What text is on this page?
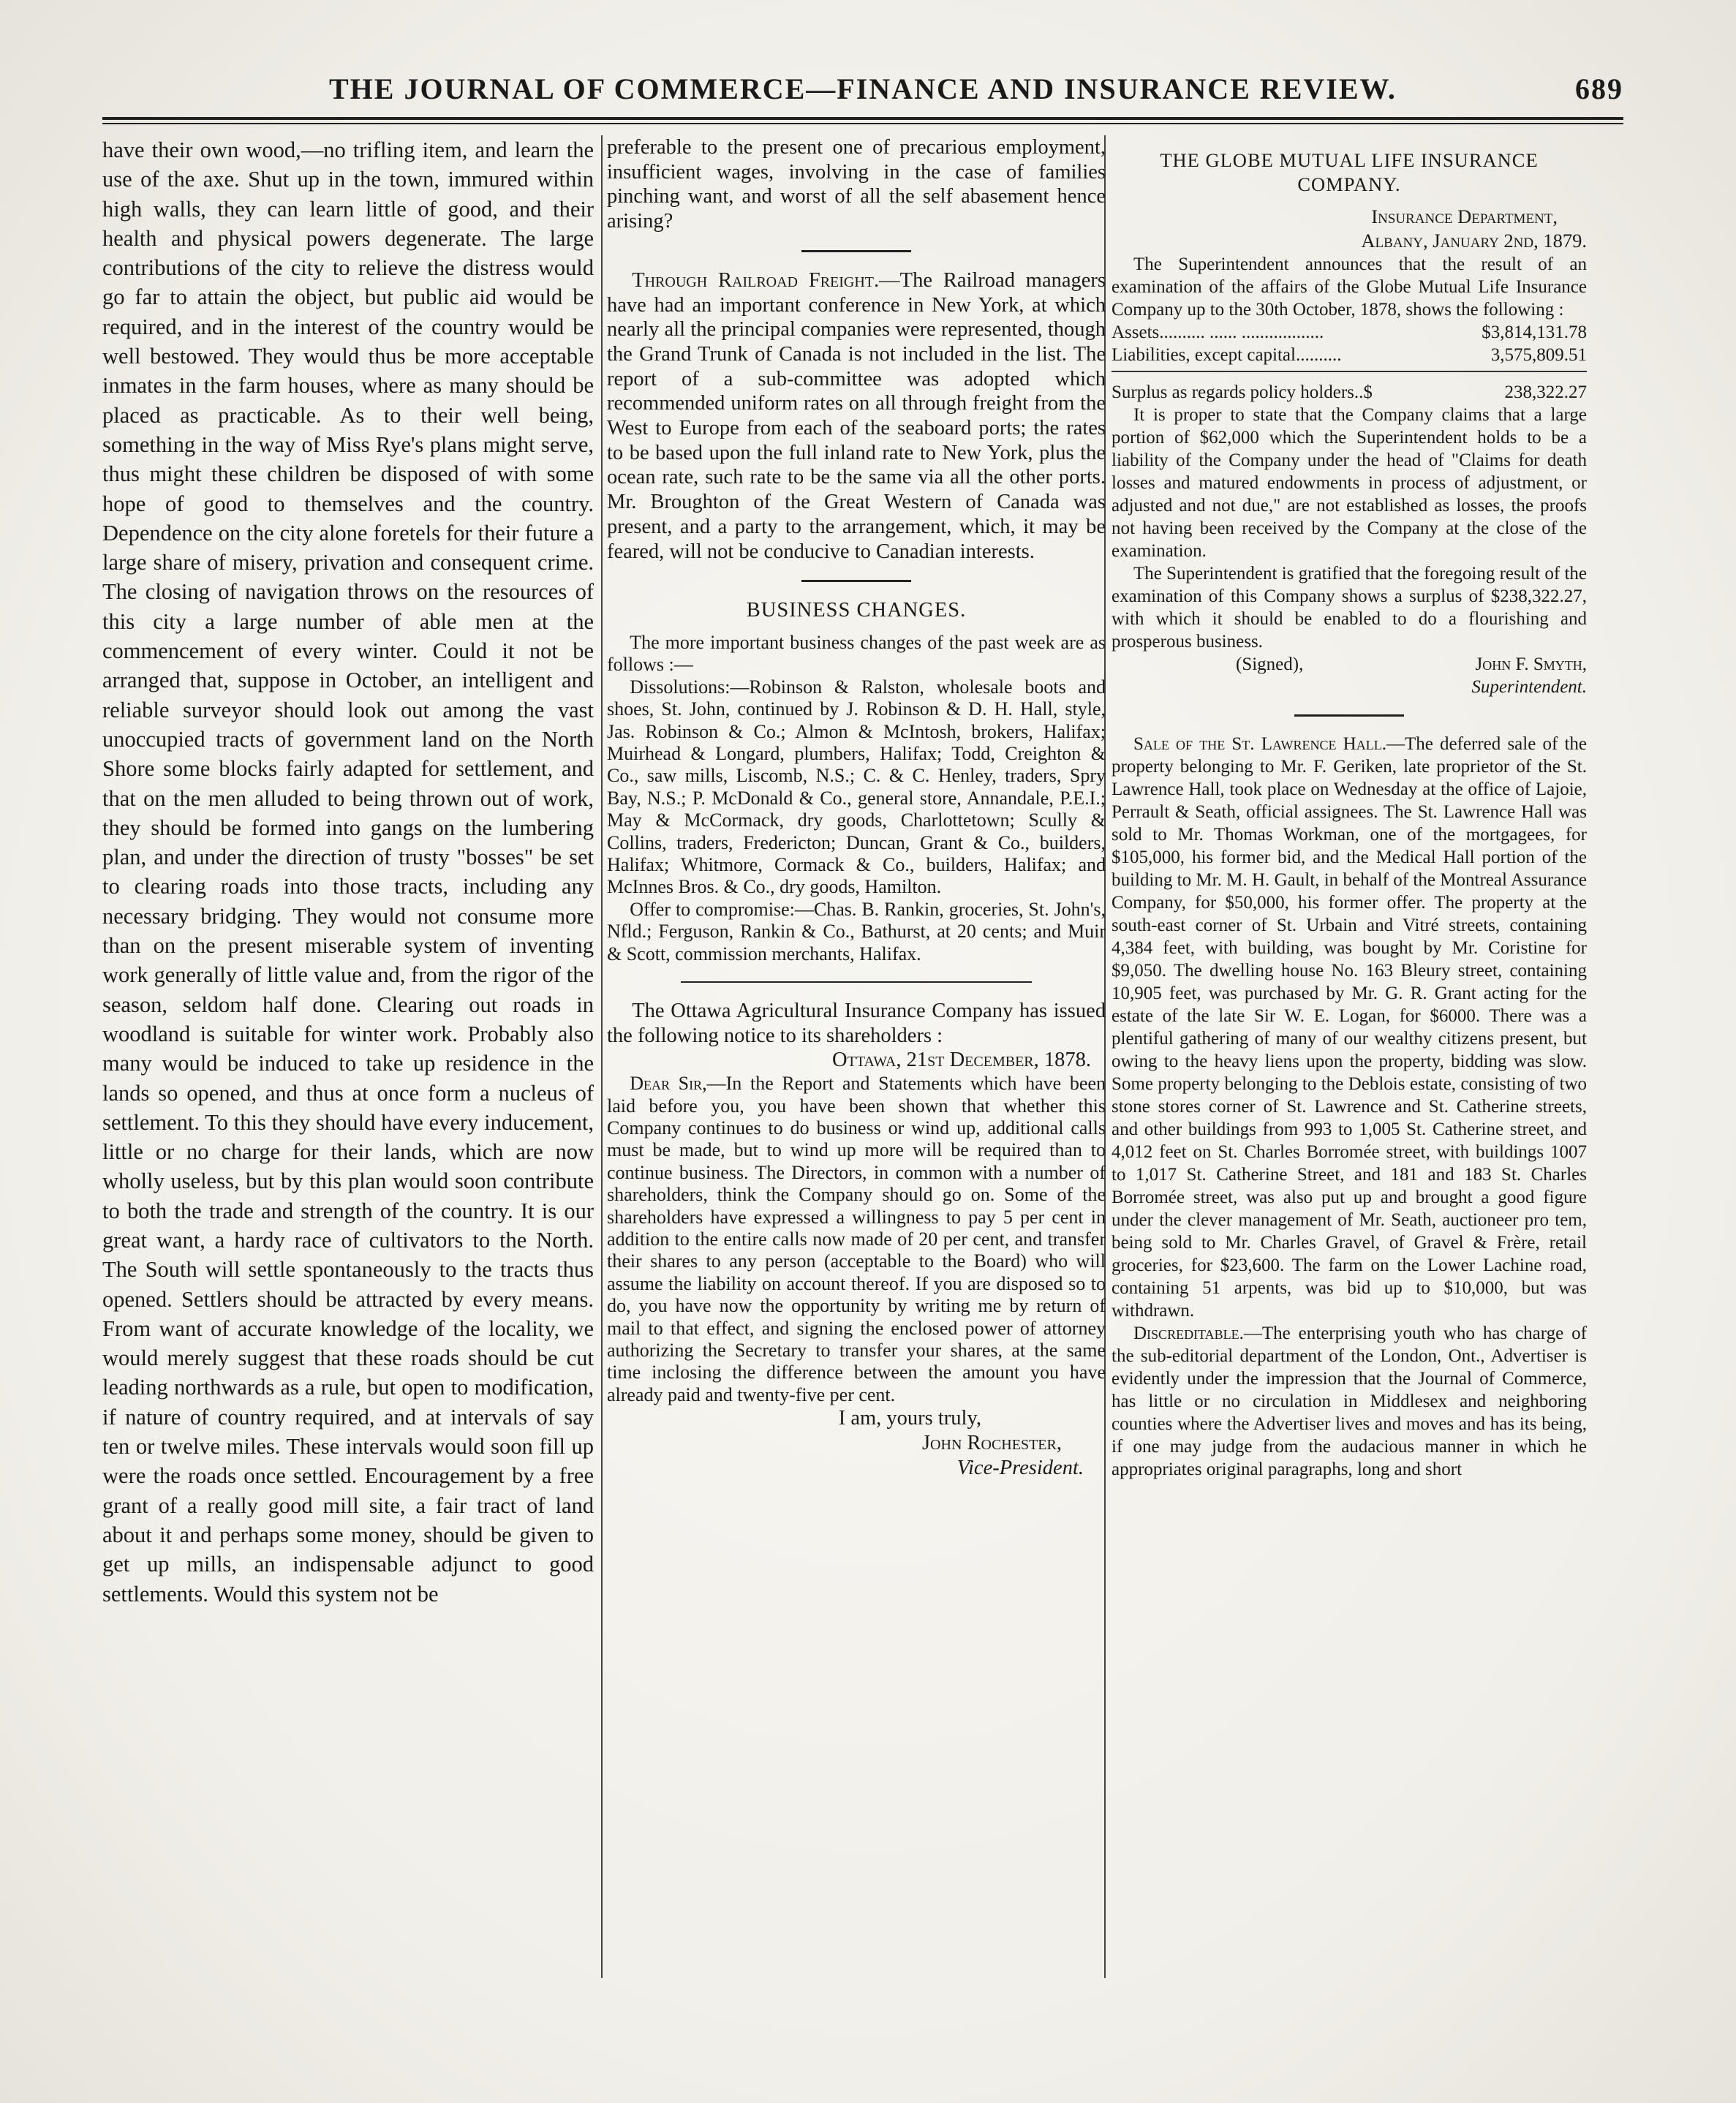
THE JOURNAL OF COMMERCE—FINANCE AND INSURANCE REVIEW.	689

have their own wood,—no trifling item, and learn the use of the axe. Shut up in the town, immured within high walls, they can learn little of good, and their health and physical powers degenerate. The large contributions of the city to relieve the distress would go far to attain the object, but public aid would be required, and in the interest of the country would be well bestowed. They would thus be more acceptable inmates in the farm houses, where as many should be placed as practicable. As to their well being, something in the way of Miss Rye's plans might serve, thus might these children be disposed of with some hope of good to themselves and the country. Dependence on the city alone foretels for their future a large share of misery, privation and consequent crime. The closing of navigation throws on the resources of this city a large number of able men at the commencement of every winter. Could it not be arranged that, suppose in October, an intelligent and reliable surveyor should look out among the vast unoccupied tracts of government land on the North Shore some blocks fairly adapted for settlement, and that on the men alluded to being thrown out of work, they should be formed into gangs on the lumbering plan, and under the direction of trusty "bosses" be set to clearing roads into those tracts, including any necessary bridging. They would not consume more than on the present miserable system of inventing work generally of little value and, from the rigor of the season, seldom half done. Clearing out roads in woodland is suitable for winter work. Probably also many would be induced to take up residence in the lands so opened, and thus at once form a nucleus of settlement. To this they should have every inducement, little or no charge for their lands, which are now wholly useless, but by this plan would soon contribute to both the trade and strength of the country. It is our great want, a hardy race of cultivators to the North. The South will settle spontaneously to the tracts thus opened. Settlers should be attracted by every means. From want of accurate knowledge of the locality, we would merely suggest that these roads should be cut leading northwards as a rule, but open to modification, if nature of country required, and at intervals of say ten or twelve miles. These intervals would soon fill up were the roads once settled. Encouragement by a free grant of a really good mill site, a fair tract of land about it and perhaps some money, should be given to get up mills, an indispensable adjunct to good settlements. Would this system not be

preferable to the present one of precarious employment, insufficient wages, involving in the case of families pinching want, and worst of all the self abasement hence arising?

Through Railroad Freight.—The Railroad managers have had an important conference in New York, at which nearly all the principal companies were represented, though the Grand Trunk of Canada is not included in the list. The report of a sub-committee was adopted which recommended uniform rates on all through freight from the West to Europe from each of the seaboard ports; the rates to be based upon the full inland rate to New York, plus the ocean rate, such rate to be the same via all the other ports. Mr. Broughton of the Great Western of Canada was present, and a party to the arrangement, which, it may be feared, will not be conducive to Canadian interests.

BUSINESS CHANGES.

The more important business changes of the past week are as follows :—

Dissolutions:—Robinson & Ralston, wholesale boots and shoes, St. John, continued by J. Robinson & D. H. Hall, style, Jas. Robinson & Co.; Almon & McIntosh, brokers, Halifax; Muirhead & Longard, plumbers, Halifax; Todd, Creighton & Co., saw mills, Liscomb, N.S.; C. & C. Henley, traders, Spry Bay, N.S.; P. McDonald & Co., general store, Annandale, P.E.I.; May & McCormack, dry goods, Charlottetown; Scully & Collins, traders, Fredericton; Duncan, Grant & Co., builders, Halifax; Whitmore, Cormack & Co., builders, Halifax; and McInnes Bros. & Co., dry goods, Hamilton.

Offer to compromise:—Chas. B. Rankin, groceries, St. John's, Nfld.; Ferguson, Rankin & Co., Bathurst, at 20 cents; and Muir & Scott, commission merchants, Halifax.

The Ottawa Agricultural Insurance Company has issued the following notice to its shareholders :

Ottawa, 21st December, 1878.

Dear Sir,—In the Report and Statements which have been laid before you, you have been shown that whether this Company continues to do business or wind up, additional calls must be made, but to wind up more will be required than to continue business. The Directors, in common with a number of shareholders, think the Company should go on. Some of the shareholders have expressed a willingness to pay 5 per cent in addition to the entire calls now made of 20 per cent, and transfer their shares to any person (acceptable to the Board) who will assume the liability on account thereof. If you are disposed so to do, you have now the opportunity by writing me by return of mail to that effect, and signing the enclosed power of attorney authorizing the Secretary to transfer your shares, at the same time inclosing the difference between the amount you have already paid and twenty-five per cent.

I am, yours truly,

John Rochester,

Vice-President.

THE GLOBE MUTUAL LIFE INSURANCE

COMPANY.

Insurance Department,

Albany, January 2nd, 1879.

The Superintendent announces that the result of an examination of the affairs of the Globe Mutual Life Insurance Company up to the 30th October, 1878, shows the following :

Assets.......... ...... ..................	$3,814,131.78
Liabilities, except capital..........	3,575,809.51
Surplus as regards policy holders..$	238,322.27

It is proper to state that the Company claims that a large portion of $62,000 which the Superintendent holds to be a liability of the Company under the head of "Claims for death losses and matured endowments in process of adjustment, or adjusted and not due," are not established as losses, the proofs not having been received by the Company at the close of the examination.

The Superintendent is gratified that the foregoing result of the examination of this Company shows a surplus of $238,322.27, with which it should be enabled to do a flourishing and prosperous business.

(Signed),	John F. Smyth,

Superintendent.

Sale of the St. Lawrence Hall.—The deferred sale of the property belonging to Mr. F. Geriken, late proprietor of the St. Lawrence Hall, took place on Wednesday at the office of Lajoie, Perrault & Seath, official assignees. The St. Lawrence Hall was sold to Mr. Thomas Workman, one of the mortgagees, for $105,000, his former bid, and the Medical Hall portion of the building to Mr. M. H. Gault, in behalf of the Montreal Assurance Company, for $50,000, his former offer. The property at the south-east corner of St. Urbain and Vitré streets, containing 4,384 feet, with building, was bought by Mr. Coristine for $9,050. The dwelling house No. 163 Bleury street, containing 10,905 feet, was purchased by Mr. G. R. Grant acting for the estate of the late Sir W. E. Logan, for $6000. There was a plentiful gathering of many of our wealthy citizens present, but owing to the heavy liens upon the property, bidding was slow. Some property belonging to the Deblois estate, consisting of two stone stores corner of St. Lawrence and St. Catherine streets, and other buildings from 993 to 1,005 St. Catherine street, and 4,012 feet on St. Charles Borromée street, with buildings 1007 to 1,017 St. Catherine Street, and 181 and 183 St. Charles Borromée street, was also put up and brought a good figure under the clever management of Mr. Seath, auctioneer pro tem, being sold to Mr. Charles Gravel, of Gravel & Frère, retail groceries, for $23,600. The farm on the Lower Lachine road, containing 51 arpents, was bid up to $10,000, but was withdrawn.

Discreditable.—The enterprising youth who has charge of the sub-editorial department of the London, Ont., Advertiser is evidently under the impression that the Journal of Commerce, has little or no circulation in Middlesex and neighboring counties where the Advertiser lives and moves and has its being, if one may judge from the audacious manner in which he appropriates original paragraphs, long and short
